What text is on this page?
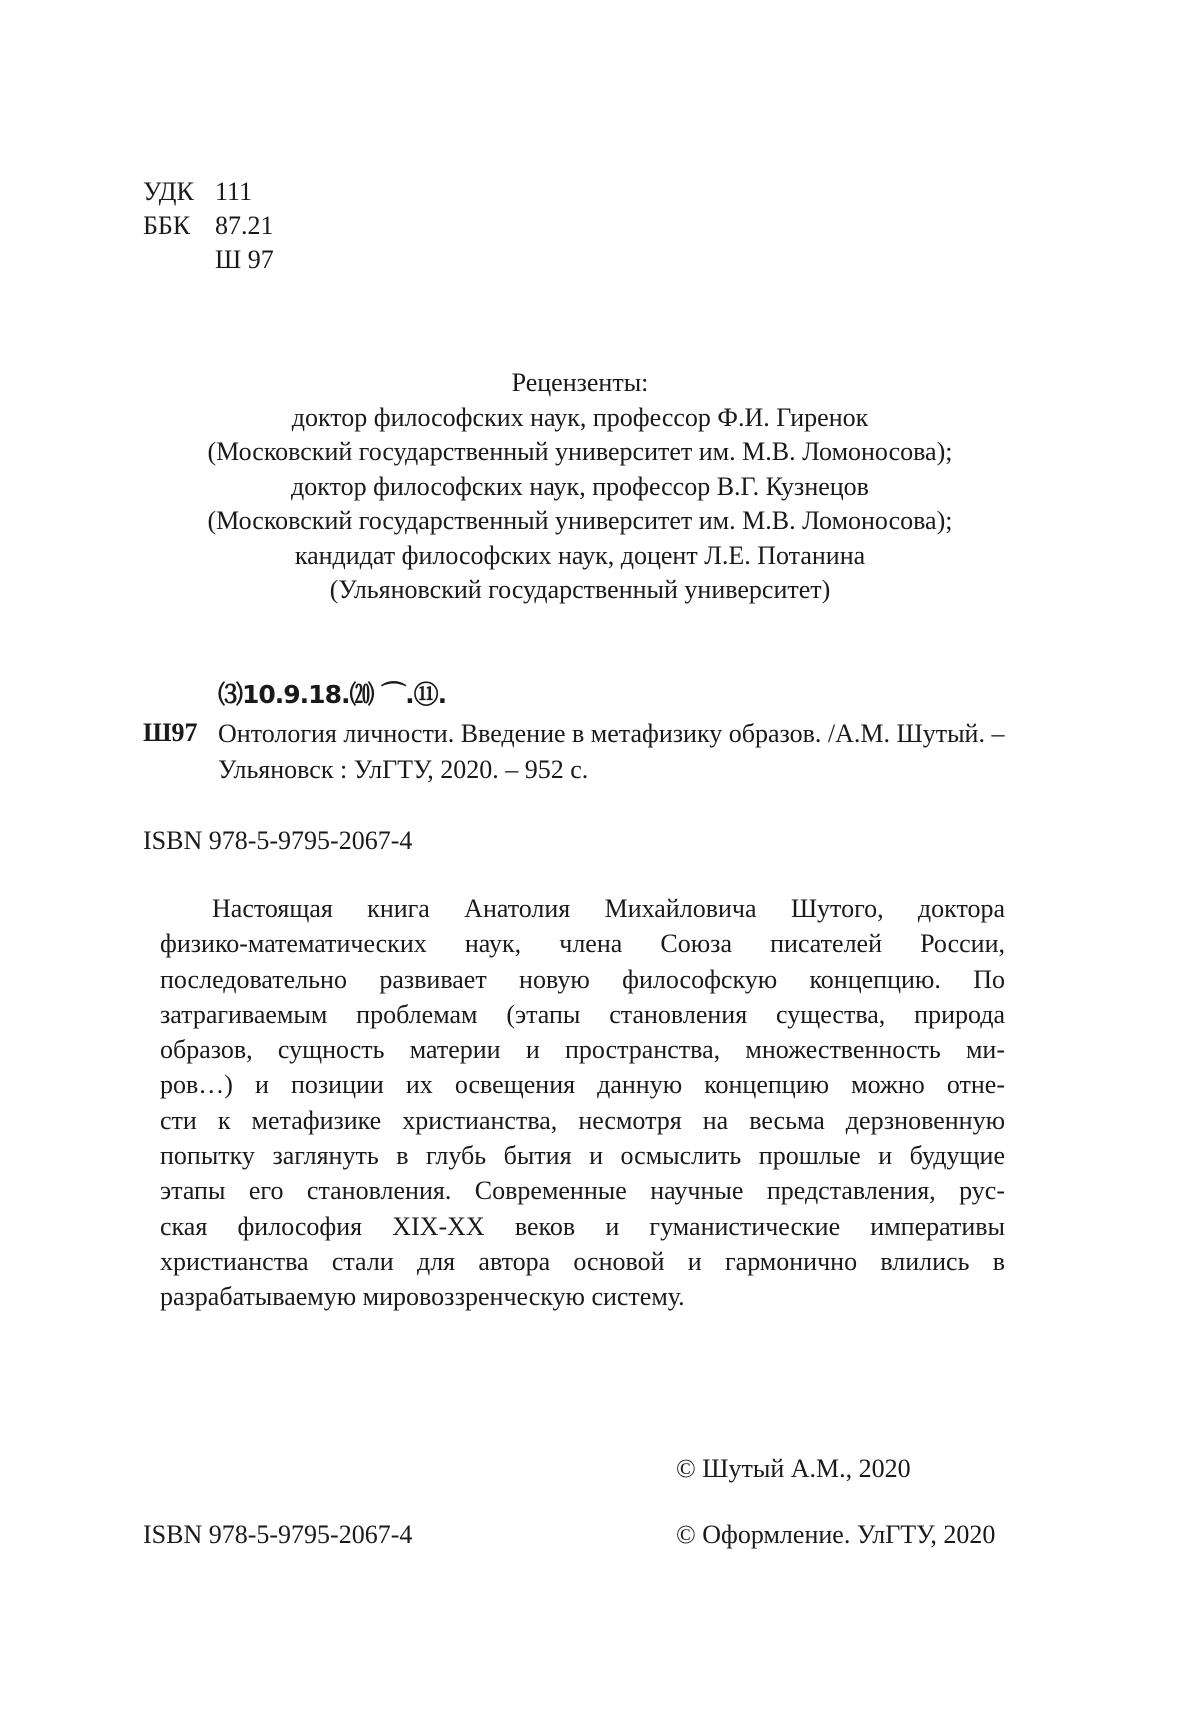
УДК 111
ББК 87.21
Ш 97
Рецензенты:
доктор философских наук, профессор Ф.И. Гиренок
(Московский государственный университет им. М.В. Ломоносова);
доктор философских наук, профессор В.Г. Кузнецов
(Московский государственный университет им. М.В. Ломоносова);
кандидат философских наук, доцент Л.Е. Потанина
(Ульяновский государственный университет)
⑶10.9.18.⒇ ⌒.⑪.
Ш97 Онтология личности. Введение в метафизику образов. /А.М. Шутый. –
Ульяновск : УлГТУ, 2020. – 952 с.
ISBN 978-5-9795-2067-4
Настоящая книга Анатолия Михайловича Шутого, доктора
физико-математических наук, члена Союза писателей России,
последовательно развивает новую философскую концепцию. По
затрагиваемым проблемам (этапы становления существа, природа
образов, сущность материи и пространства, множественность ми-
ров…) и позиции их освещения данную концепцию можно отне-
сти к метафизике христианства, несмотря на весьма дерзновенную
попытку заглянуть в глубь бытия и осмыслить прошлые и будущие
этапы его становления. Современные научные представления, рус-
ская философия XIX-XX веков и гуманистические императивы
христианства стали для автора основой и гармонично влились в
разрабатываемую мировоззренческую систему.
© Шутый А.М., 2020
ISBN 978-5-9795-2067-4	© Оформление. УлГТУ, 2020
